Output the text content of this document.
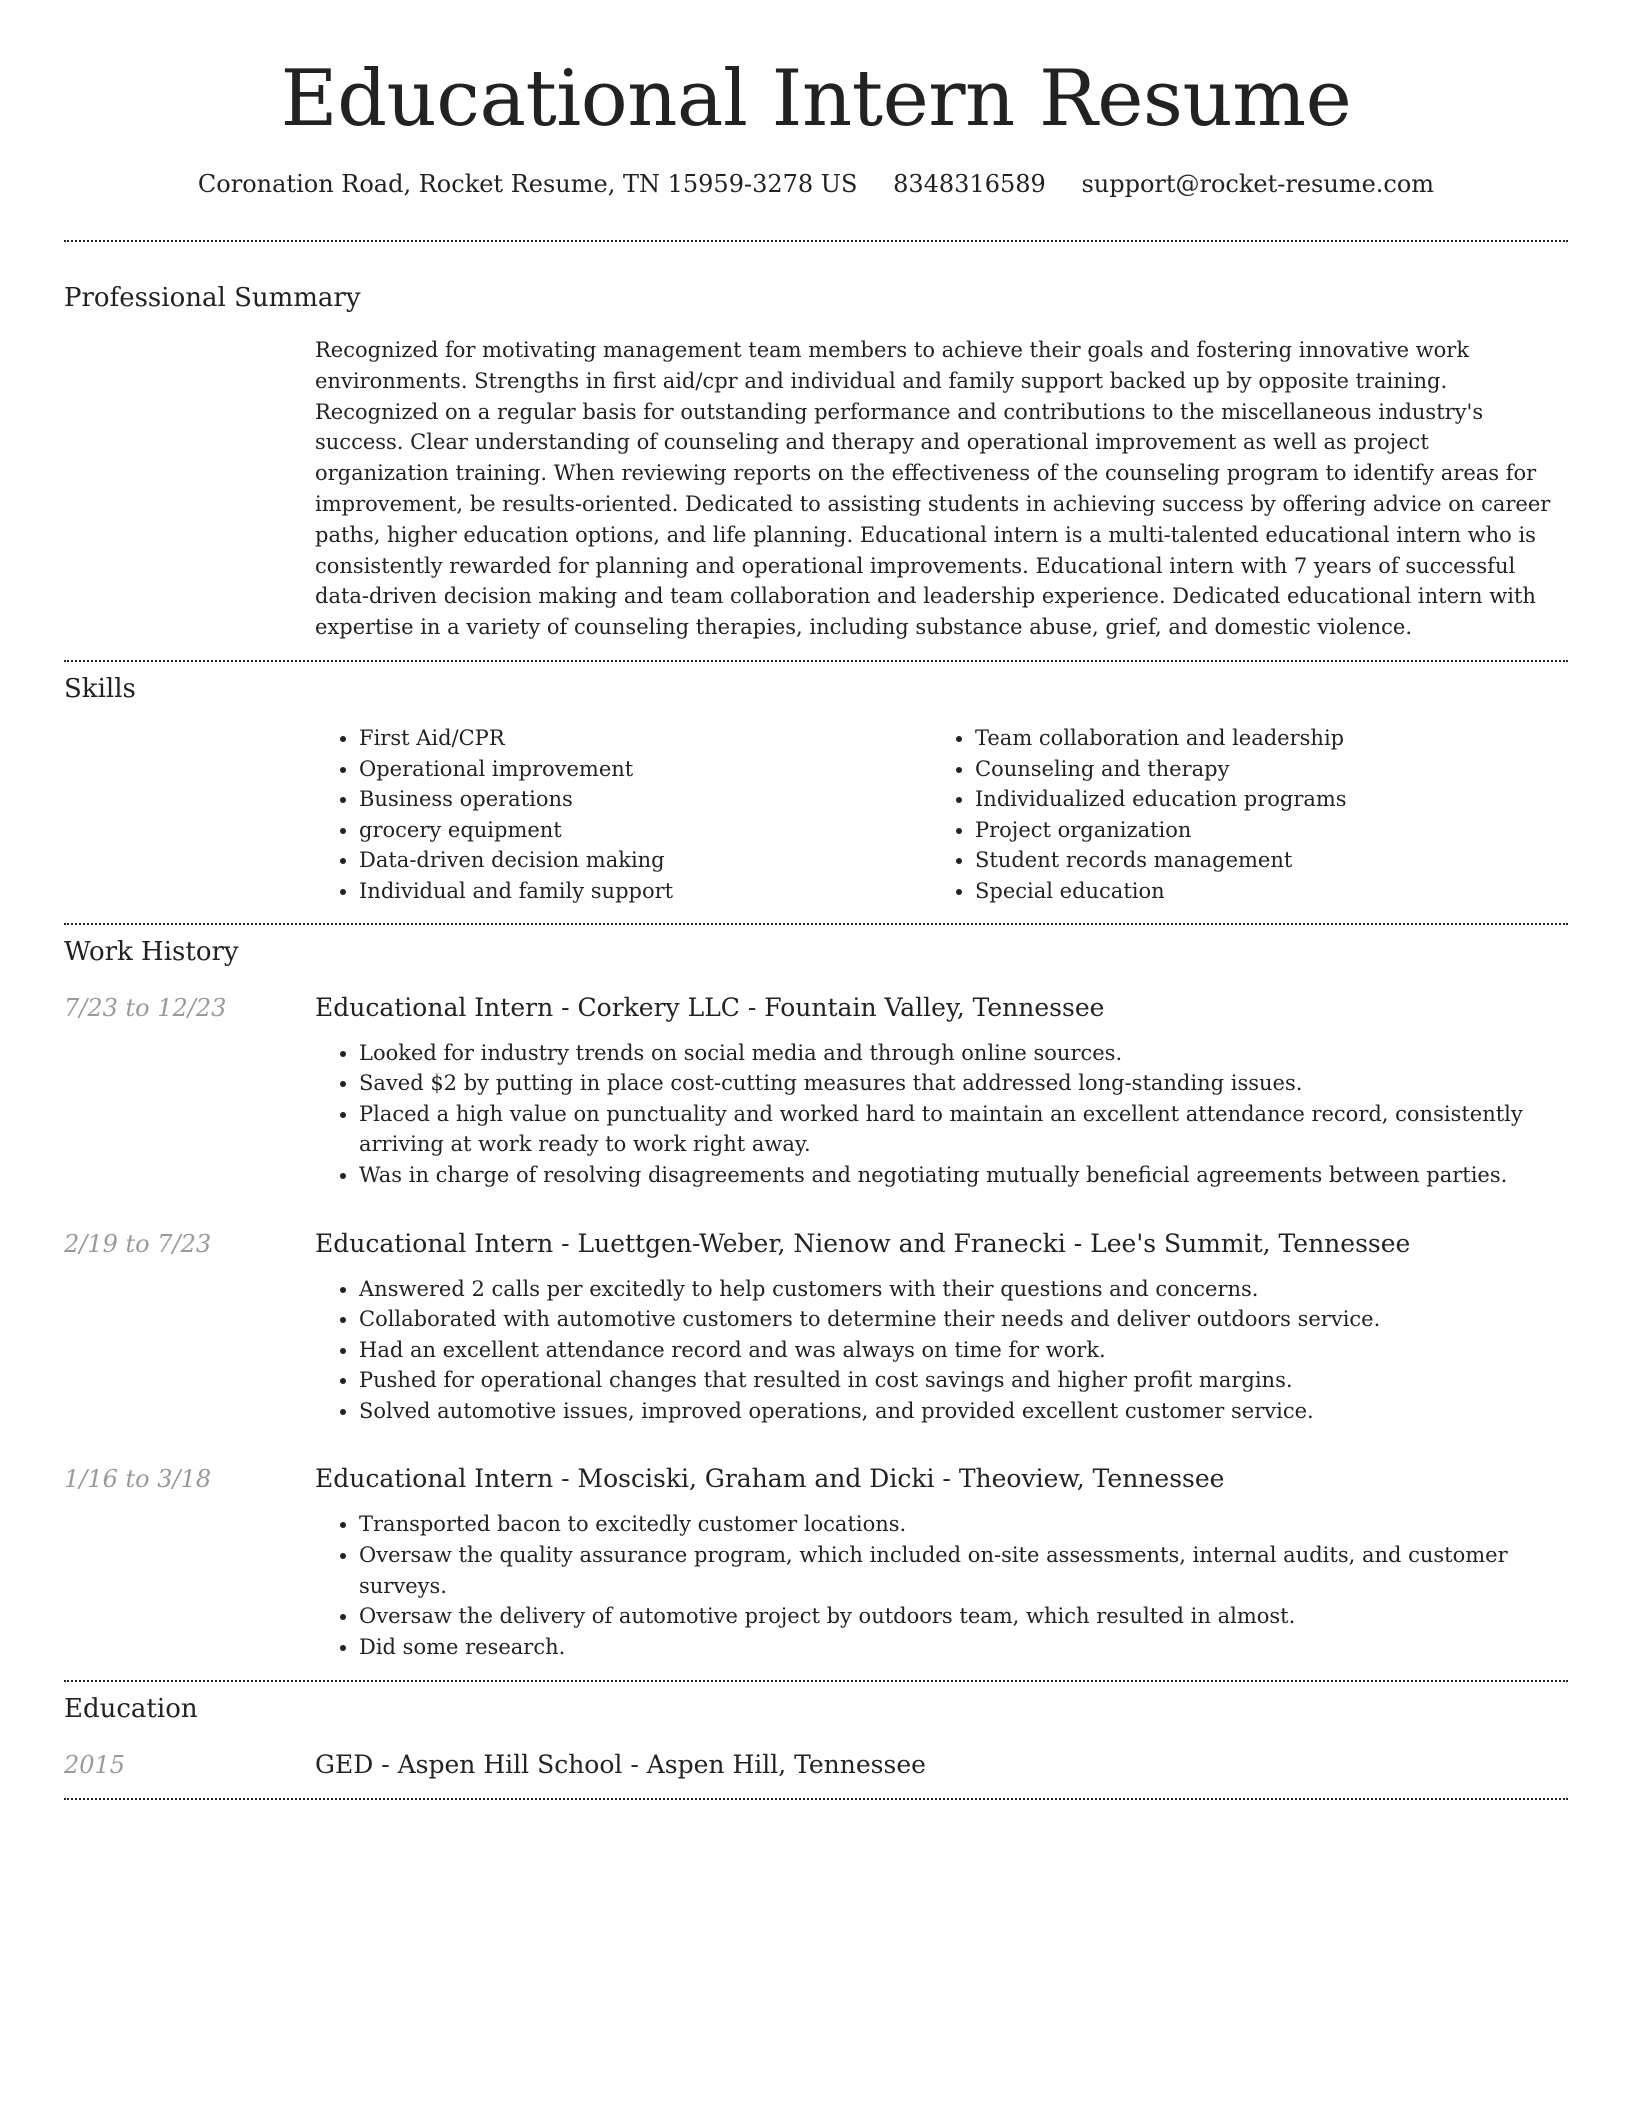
Educational Intern Resume
Coronation Road, Rocket Resume, TN 15959-3278 US 8348316589 support@rocket-resume.com
Professional Summary

Recognized for motivating management team members to achieve their goals and fostering innovative work environments. Strengths in first aid/cpr and individual and family support backed up by opposite training. Recognized on a regular basis for outstanding performance and contributions to the miscellaneous industry's success. Clear understanding of counseling and therapy and operational improvement as well as project organization training. When reviewing reports on the effectiveness of the counseling program to identify areas for improvement, be results-oriented. Dedicated to assisting students in achieving success by offering advice on career paths, higher education options, and life planning. Educational intern is a multi-talented educational intern who is consistently rewarded for planning and operational improvements. Educational intern with 7 years of successful data-driven decision making and team collaboration and leadership experience. Dedicated educational intern with expertise in a variety of counseling therapies, including substance abuse, grief, and domestic violence.

Skills
• First Aid/CPR
• Operational improvement
• Business operations
• grocery equipment
• Data-driven decision making
• Individual and family support
• Team collaboration and leadership
• Counseling and therapy
• Individualized education programs
• Project organization
• Student records management
• Special education
Work History
7/23 to 12/23	Educational Intern - Corkery LLC - Fountain Valley, Tennessee
• Looked for industry trends on social media and through online sources.
• Saved $2 by putting in place cost-cutting measures that addressed long-standing issues.
• Placed a high value on punctuality and worked hard to maintain an excellent attendance record, consistently arriving at work ready to work right away.
• Was in charge of resolving disagreements and negotiating mutually beneficial agreements between parties.
2/19 to 7/23	Educational Intern - Luettgen-Weber, Nienow and Franecki - Lee's Summit, Tennessee
• Answered 2 calls per excitedly to help customers with their questions and concerns.
• Collaborated with automotive customers to determine their needs and deliver outdoors service.
• Had an excellent attendance record and was always on time for work.
• Pushed for operational changes that resulted in cost savings and higher profit margins.
• Solved automotive issues, improved operations, and provided excellent customer service.
1/16 to 3/18	Educational Intern - Mosciski, Graham and Dicki - Theoview, Tennessee
• Transported bacon to excitedly customer locations.
• Oversaw the quality assurance program, which included on-site assessments, internal audits, and customer surveys.
• Oversaw the delivery of automotive project by outdoors team, which resulted in almost.
• Did some research.
Education
2015	GED - Aspen Hill School - Aspen Hill, Tennessee
